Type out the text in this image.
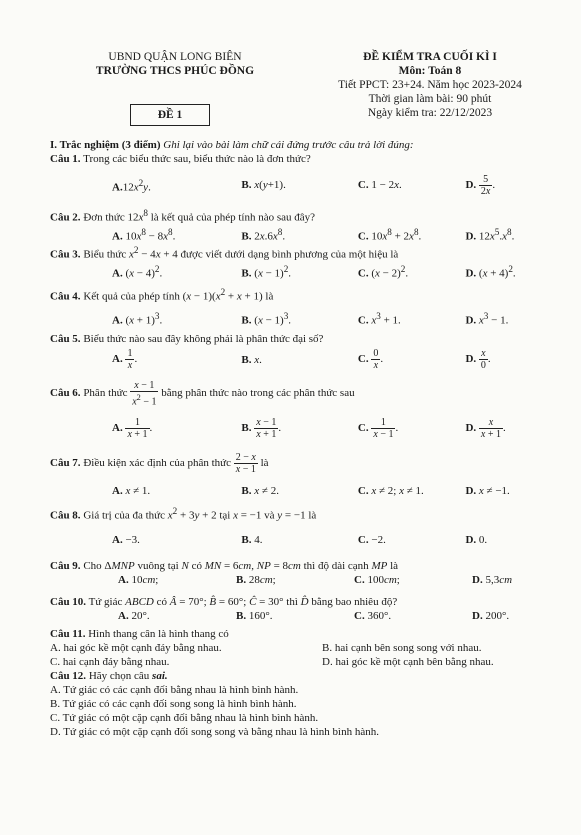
UBND QUẬN LONG BIÊN
TRƯỜNG THCS PHÚC ĐỒNG
ĐỀ 1
ĐỀ KIỂM TRA CUỐI KÌ I
Môn: Toán 8
Tiết PPCT: 23+24. Năm học 2023-2024
Thời gian làm bài: 90 phút
Ngày kiểm tra: 22/12/2023
I. Trắc nghiệm (3 điểm) Ghi lại vào bài làm chữ cái đứng trước câu trả lời đúng:
Câu 1. Trong các biểu thức sau, biểu thức nào là đơn thức?
$A.12x^2y$.	B. x(y+1).	C. 1 − 2x.	D. $\frac{5}{2x}$ .
Câu 2. Đơn thức $12x^8$ là kết quả của phép tính nào sau đây?
A. $10x^8 - 8x^8$.	B. $2x.6x^8$.	C. $10x^8 + 2x^8$.	D. $12x^5.x^8$.
Câu 3. Biểu thức $x^2 - 4x + 4$ được viết dưới dạng bình phương của một hiệu là
A. $(x - 4)^2$.	B. $(x - 1)^2$.	C. $(x - 2)^2$.	D. $(x + 4)^2$.
Câu 4. Kết quả của phép tính $(x - 1)(x^2 + x + 1)$ là
A. $(x + 1)^3$.	B. $(x - 1)^3$.	C. $x^3 + 1$.	D. $x^3 - 1$.
Câu 5. Biểu thức nào sau đây không phải là phân thức đại số?
A. $\frac{1}{x}$ .	B. x.	C. $\frac{0}{x}$ .	D. $\frac{x}{0}$ .
Câu 6. Phân thức $\frac{x - 1}{x^2 - 1}$ bằng phân thức nào trong các phân thức sau
A. $\frac{1}{x + 1}$ .	B. $\frac{x - 1}{x + 1}$ .	C. $\frac{1}{x - 1}$ .	D. $\frac{x}{x + 1}$ .
Câu 7. Điều kiện xác định của phân thức $\frac{2 - x}{x - 1}$ là
A. x ≠ 1.	B. x ≠ 2.	C. x ≠ 2; x ≠ 1.	D. x ≠ −1.
Câu 8. Giá trị của đa thức $x^2 + 3y + 2$ tại x = −1 và y = −1 là
A. −3.	B. 4.	C. −2.	D. 0.
Câu 9. Cho ΔMNP vuông tại N có MN = 6cm, NP = 8cm thì độ dài cạnh MP là
A. 10cm;	B. 28cm;	C. 100cm;	D. 5,3cm
Câu 10. Tứ giác ABCD có Â = 70°; B̂ = 60°; Ĉ = 30° thì D̂ bằng bao nhiêu độ?
A. 20°.	B. 160°.	C. 360°.	D. 200°.
Câu 11. Hình thang cân là hình thang có
A. hai góc kề một cạnh đáy bằng nhau.	B. hai cạnh bên song song với nhau.
C. hai cạnh đáy bằng nhau.	D. hai góc kề một cạnh bên bằng nhau.
Câu 12. Hãy chọn câu sai.
A. Tứ giác có các cạnh đối bằng nhau là hình bình hành.
B. Tứ giác có các cạnh đối song song là hình bình hành.
C. Tứ giác có một cặp cạnh đối bằng nhau là hình bình hành.
D. Tứ giác có một cặp cạnh đối song song và bằng nhau là hình bình hành.
